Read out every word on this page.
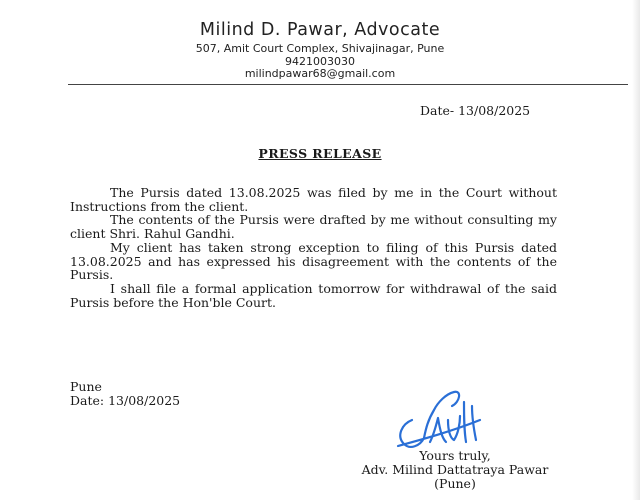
Milind D. Pawar, Advocate
507, Amit Court Complex, Shivajinagar, Pune
9421003030
milindpawar68@gmail.com
Date- 13/08/2025
PRESS RELEASE

The Pursis dated 13.08.2025 was filed by me in the Court without Instructions from the client.

The contents of the Pursis were drafted by me without consulting my client Shri. Rahul Gandhi.

My client has taken strong exception to filing of this Pursis dated 13.08.2025 and has expressed his disagreement with the contents of the Pursis.

I shall file a formal application tomorrow for withdrawal of the said Pursis before the Hon'ble Court.

Pune
Date: 13/08/2025
Yours truly,
Adv. Milind Dattatraya Pawar
(Pune)
